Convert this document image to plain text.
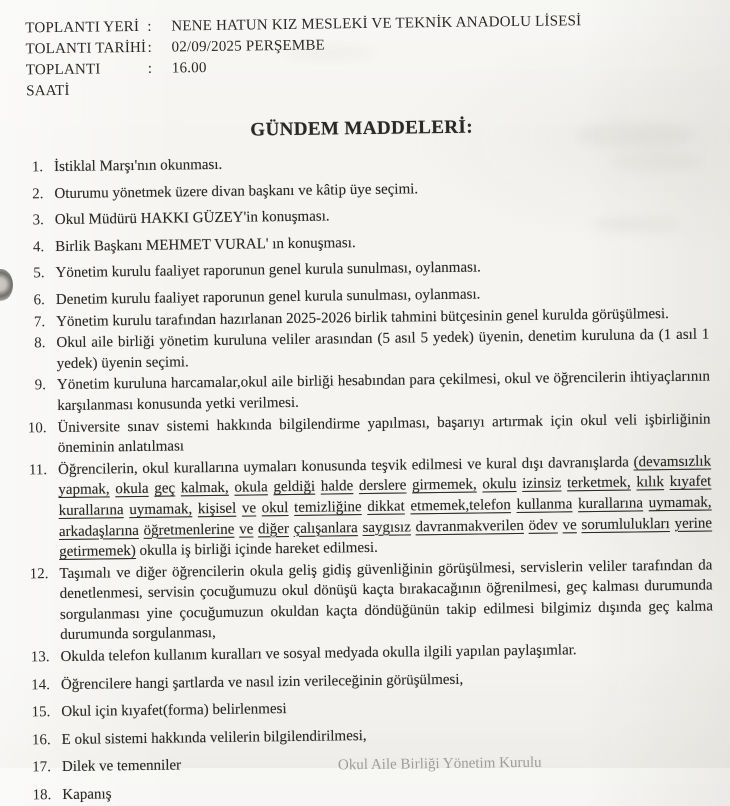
TOPLANTI YERİ :	NENE HATUN KIZ MESLEKİ VE TEKNİK ANADOLU LİSESİ
TOLANTI TARİHİ :	02/09/2025 PERŞEMBE
TOPLANTI SAATİ
:	16.00
GÜNDEM MADDELERİ:
1. İstiklal Marşı'nın okunması.
2. Oturumu yönetmek üzere divan başkanı ve kâtip üye seçimi.
3. Okul Müdürü HAKKI GÜZEY'in konuşması.
4. Birlik Başkanı MEHMET VURAL' ın konuşması.
5. Yönetim kurulu faaliyet raporunun genel kurula sunulması, oylanması.
6. Denetim kurulu faaliyet raporunun genel kurula sunulması, oylanması.
7. Yönetim kurulu tarafından hazırlanan 2025-2026 birlik tahmini bütçesinin genel kurulda görüşülmesi.
8. Okul aile birliği yönetim kuruluna veliler arasından (5 asıl 5 yedek) üyenin, denetim kuruluna da (1 asıl 1 yedek) üyenin seçimi.
9. Yönetim kuruluna harcamalar,okul aile birliği hesabından para çekilmesi, okul ve öğrencilerin ihtiyaçlarının karşılanması konusunda yetki verilmesi.
10. Üniversite sınav sistemi hakkında bilgilendirme yapılması, başarıyı artırmak için okul veli işbirliğinin öneminin anlatılması
11. Öğrencilerin, okul kurallarına uymaları konusunda teşvik edilmesi ve kural dışı davranışlarda (devamsızlık yapmak, okula geç kalmak, okula geldiği halde derslere girmemek, okulu izinsiz terketmek, kılık kıyafet kurallarına uymamak, kişisel ve okul temizliğine dikkat etmemek,telefon kullanma kurallarına uymamak, arkadaşlarına öğretmenlerine ve diğer çalışanlara saygısız davranmakverilen ödev ve sorumlulukları yerine getirmemek) okulla iş birliği içinde hareket edilmesi.
12. Taşımalı ve diğer öğrencilerin okula geliş gidiş güvenliğinin görüşülmesi, servislerin veliler tarafından da denetlenmesi, servisin çocuğumuzu okul dönüşü kaçta bırakacağının öğrenilmesi, geç kalması durumunda sorgulanması yine çocuğumuzun okuldan kaçta döndüğünün takip edilmesi bilgimiz dışında geç kalma durumunda sorgulanması,
13. Okulda telefon kullanım kuralları ve sosyal medyada okulla ilgili yapılan paylaşımlar.
14. Öğrencilere hangi şartlarda ve nasıl izin verileceğinin görüşülmesi,
15. Okul için kıyafet(forma) belirlenmesi
16. E okul sistemi hakkında velilerin bilgilendirilmesi,
17. Dilek ve temenniler
18. Kapanış
Okul Aile Birliği Yönetim Kurulu
